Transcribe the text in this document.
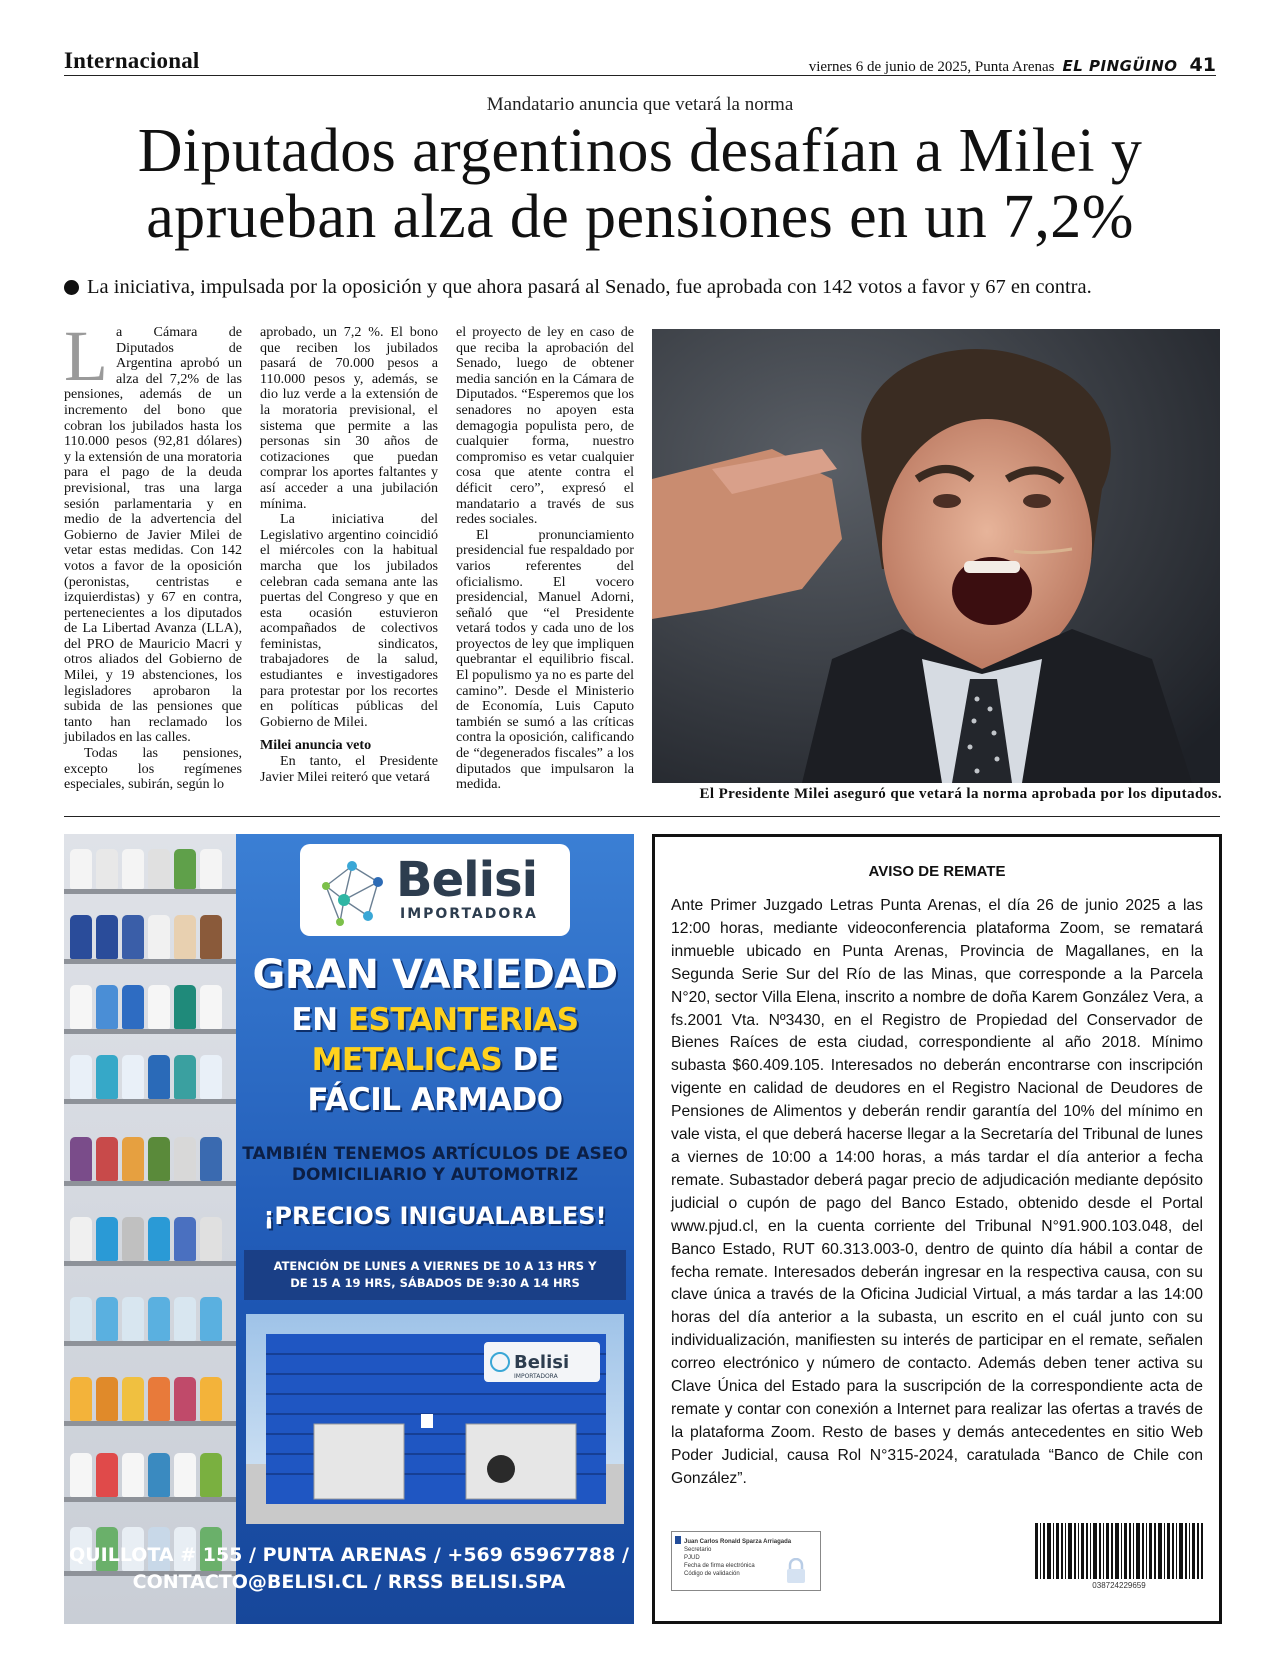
Internacional	viernes 6 de junio de 2025, Punta Arenas EL PINGÜINO 41
Mandatario anuncia que vetará la norma
Diputados argentinos desafían a Milei y
aprueban alza de pensiones en un 7,2%
La iniciativa, impulsada por la oposición y que ahora pasará al Senado, fue aprobada con 142 votos a favor y 67 en contra.
L a Cámara de Diputados de Argentina aprobó un alza del 7,2% de las pensiones, además de un incremento del bono que cobran los jubilados hasta los 110.000 pesos (92,81 dólares) y la extensión de una moratoria para el pago de la deuda previsional, tras una larga sesión parlamentaria y en medio de la advertencia del Gobierno de Javier Milei de vetar estas medidas. Con 142 votos a favor de la oposición (peronistas, centristas e izquierdistas) y 67 en contra, pertenecientes a los diputados de La Libertad Avanza (LLA), del PRO de Mauricio Macri y otros aliados del Gobierno de Milei, y 19 abstenciones, los legisladores aprobaron la subida de las pensiones que tanto han reclamado los jubilados en las calles.

Todas las pensiones, excepto los regímenes especiales, subirán, según lo

aprobado, un 7,2 %. El bono que reciben los jubilados pasará de 70.000 pesos a 110.000 pesos y, además, se dio luz verde a la extensión de la moratoria previsional, el sistema que permite a las personas sin 30 años de cotizaciones que puedan comprar los aportes faltantes y así acceder a una jubilación mínima.

La iniciativa del Legislativo argentino coincidió el miércoles con la habitual marcha que los jubilados celebran cada semana ante las puertas del Congreso y que en esta ocasión estuvieron acompañados de colectivos feministas, sindicatos, trabajadores de la salud, estudiantes e investigadores para protestar por los recortes en políticas públicas del Gobierno de Milei.

Milei anuncia veto

En tanto, el Presidente Javier Milei reiteró que vetará

el proyecto de ley en caso de que reciba la aprobación del Senado, luego de obtener media sanción en la Cámara de Diputados. “Esperemos que los senadores no apoyen esta demagogia populista pero, de cualquier forma, nuestro compromiso es vetar cualquier cosa que atente contra el déficit cero”, expresó el mandatario a través de sus redes sociales.

El pronunciamiento presidencial fue respaldado por varios referentes del oficialismo. El vocero presidencial, Manuel Adorni, señaló que “el Presidente vetará todos y cada uno de los proyectos de ley que impliquen quebrantar el equilibrio fiscal. El populismo ya no es parte del camino”. Desde el Ministerio de Economía, Luis Caputo también se sumó a las críticas contra la oposición, calificando de “degenerados fiscales” a los diputados que impulsaron la medida.

El Presidente Milei aseguró que vetará la norma aprobada por los diputados.
Belisi
IMPORTADORA
GRAN VARIEDAD
EN ESTANTERIAS
METALICAS DE
FÁCIL ARMADO
TAMBIÉN TENEMOS ARTÍCULOS DE ASEO
DOMICILIARIO Y AUTOMOTRIZ
¡PRECIOS INIGUALABLES!
ATENCIÓN DE LUNES A VIERNES DE 10 A 13 HRS Y
DE 15 A 19 HRS, SÁBADOS DE 9:30 A 14 HRS
Belisi
IMPORTADORA
QUILLOTA # 155 / PUNTA ARENAS / +569 65967788 /
CONTACTO@BELISI.CL / RRSS BELISI.SPA
AVISO DE REMATE
Ante Primer Juzgado Letras Punta Arenas, el día 26 de junio 2025 a las 12:00 horas, mediante videoconferencia plataforma Zoom, se rematará inmueble ubicado en Punta Arenas, Provincia de Magallanes, en la Segunda Serie Sur del Río de las Minas, que corresponde a la Parcela N°20, sector Villa Elena, inscrito a nombre de doña Karem González Vera, a fs.2001 Vta. Nº3430, en el Registro de Propiedad del Conservador de Bienes Raíces de esta ciudad, correspondiente al año 2018. Mínimo subasta $60.409.105. Interesados no deberán encontrarse con inscripción vigente en calidad de deudores en el Registro Nacional de Deudores de Pensiones de Alimentos y deberán rendir garantía del 10% del mínimo en vale vista, el que deberá hacerse llegar a la Secretaría del Tribunal de lunes a viernes de 10:00 a 14:00 horas, a más tardar el día anterior a fecha remate. Subastador deberá pagar precio de adjudicación mediante depósito judicial o cupón de pago del Banco Estado, obtenido desde el Portal www.pjud.cl, en la cuenta corriente del Tribunal N°91.900.103.048, del Banco Estado, RUT 60.313.003-0, dentro de quinto día hábil a contar de fecha remate. Interesados deberán ingresar en la respectiva causa, con su clave única a través de la Oficina Judicial Virtual, a más tardar a las 14:00 horas del día anterior a la subasta, un escrito en el cuál junto con su individualización, manifiesten su interés de participar en el remate, señalen correo electrónico y número de contacto. Además deben tener activa su Clave Única del Estado para la suscripción de la correspondiente acta de remate y contar con conexión a Internet para realizar las ofertas a través de la plataforma Zoom. Resto de bases y demás antecedentes en sitio Web Poder Judicial, causa Rol N°315-2024, caratulada “Banco de Chile con González”.
Juan Carlos Ronald Sparza Arriagada
Secretario
PJUD
Fecha de firma electrónica
Código de validación
038724229659
